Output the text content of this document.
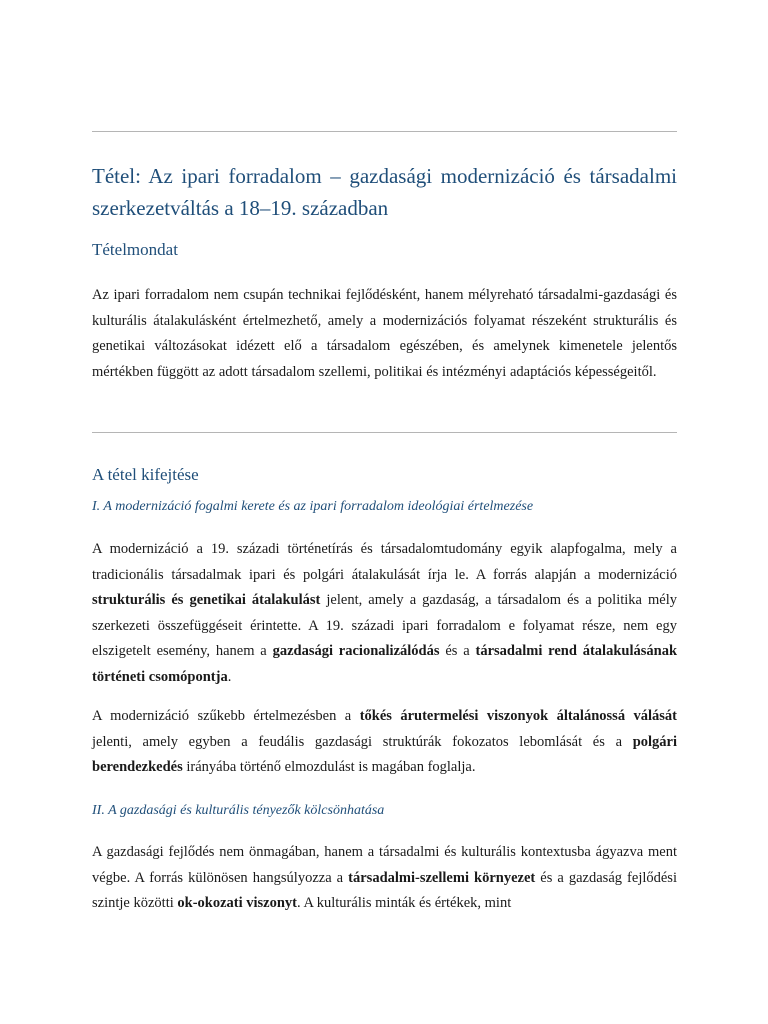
Tétel: Az ipari forradalom – gazdasági modernizáció és társadalmi szerkezetváltás a 18–19. században
Tételmondat

Az ipari forradalom nem csupán technikai fejlődésként, hanem mélyreható társadalmi-gazdasági és kulturális átalakulásként értelmezhető, amely a modernizációs folyamat részeként strukturális és genetikai változásokat idézett elő a társadalom egészében, és amelynek kimenetele jelentős mértékben függött az adott társadalom szellemi, politikai és intézményi adaptációs képességeitől.

A tétel kifejtése
I. A modernizáció fogalmi kerete és az ipari forradalom ideológiai értelmezése

A modernizáció a 19. századi történetírás és társadalomtudomány egyik alapfogalma, mely a tradicionális társadalmak ipari és polgári átalakulását írja le. A forrás alapján a modernizáció strukturális és genetikai átalakulást jelent, amely a gazdaság, a társadalom és a politika mély szerkezeti összefüggéseit érintette. A 19. századi ipari forradalom e folyamat része, nem egy elszigetelt esemény, hanem a gazdasági racionalizálódás és a társadalmi rend átalakulásának történeti csomópontja.

A modernizáció szűkebb értelmezésben a tőkés árutermelési viszonyok általánossá válását jelenti, amely egyben a feudális gazdasági struktúrák fokozatos lebomlását és a polgári berendezkedés irányába történő elmozdulást is magában foglalja.

II. A gazdasági és kulturális tényezők kölcsönhatása

A gazdasági fejlődés nem önmagában, hanem a társadalmi és kulturális kontextusba ágyazva ment végbe. A forrás különösen hangsúlyozza a társadalmi-szellemi környezet és a gazdaság fejlődési szintje közötti ok-okozati viszonyt. A kulturális minták és értékek, mint
